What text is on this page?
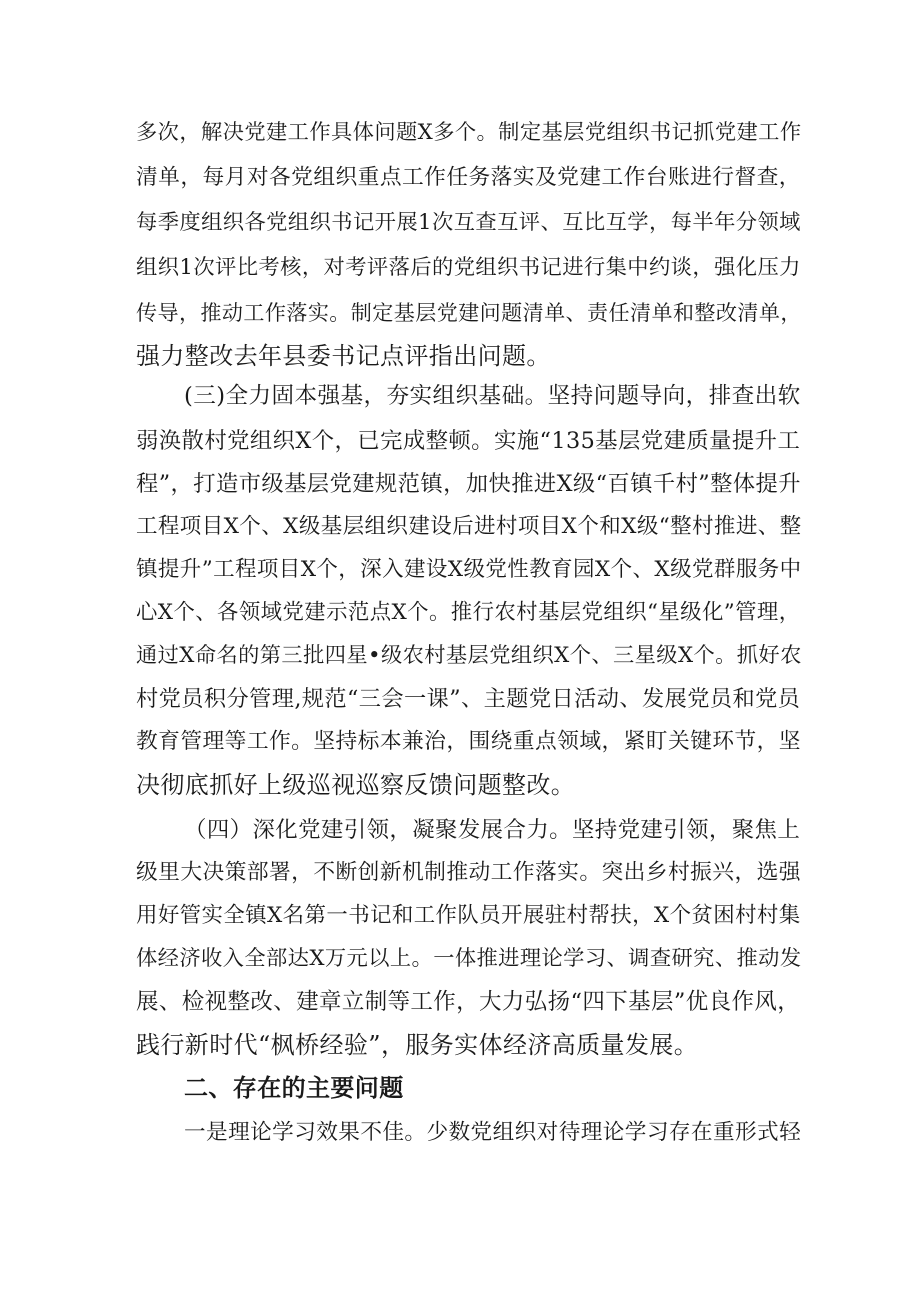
多次，解决党建工作具体问题X多个。制定基层党组织书记抓党建工作
清单，每月对各党组织重点工作任务落实及党建工作台账进行督查，
每季度组织各党组织书记开展1次互查互评、互比互学，每半年分领域
组织1次评比考核，对考评落后的党组织书记进行集中约谈，强化压力
传导，推动工作落实。制定基层党建问题清单、责任清单和整改清单，
强力整改去年县委书记点评指出问题。
(三)全力固本强基，夯实组织基础。坚持问题导向，排查出软
弱涣散村党组织X个，已完成整顿。实施“135基层党建质量提升工
程”，打造市级基层党建规范镇，加快推进X级“百镇千村”整体提升
工程项目X个、X级基层组织建设后进村项目X个和X级“整村推进、整
镇提升”工程项目X个，深入建设X级党性教育园X个、X级党群服务中
心X个、各领域党建示范点X个。推行农村基层党组织“星级化”管理，
通过X命名的第三批四星•级农村基层党组织X个、三星级X个。抓好农
村党员积分管理,规范“三会一课”、主题党日活动、发展党员和党员
教育管理等工作。坚持标本兼治，围绕重点领域，紧盯关键环节，坚
决彻底抓好上级巡视巡察反馈问题整改。
（四）深化党建引领，凝聚发展合力。坚持党建引领，聚焦上
级里大决策部署，不断创新机制推动工作落实。突出乡村振兴，选强
用好管实全镇X名第一书记和工作队员开展驻村帮扶，X个贫困村村集
体经济收入全部达X万元以上。一体推进理论学习、调查研究、推动发
展、检视整改、建章立制等工作，大力弘扬“四下基层”优良作风，
践行新时代“枫桥经验”，服务实体经济高质量发展。
二、存在的主要问题
一是理论学习效果不佳。少数党组织对待理论学习存在重形式轻
